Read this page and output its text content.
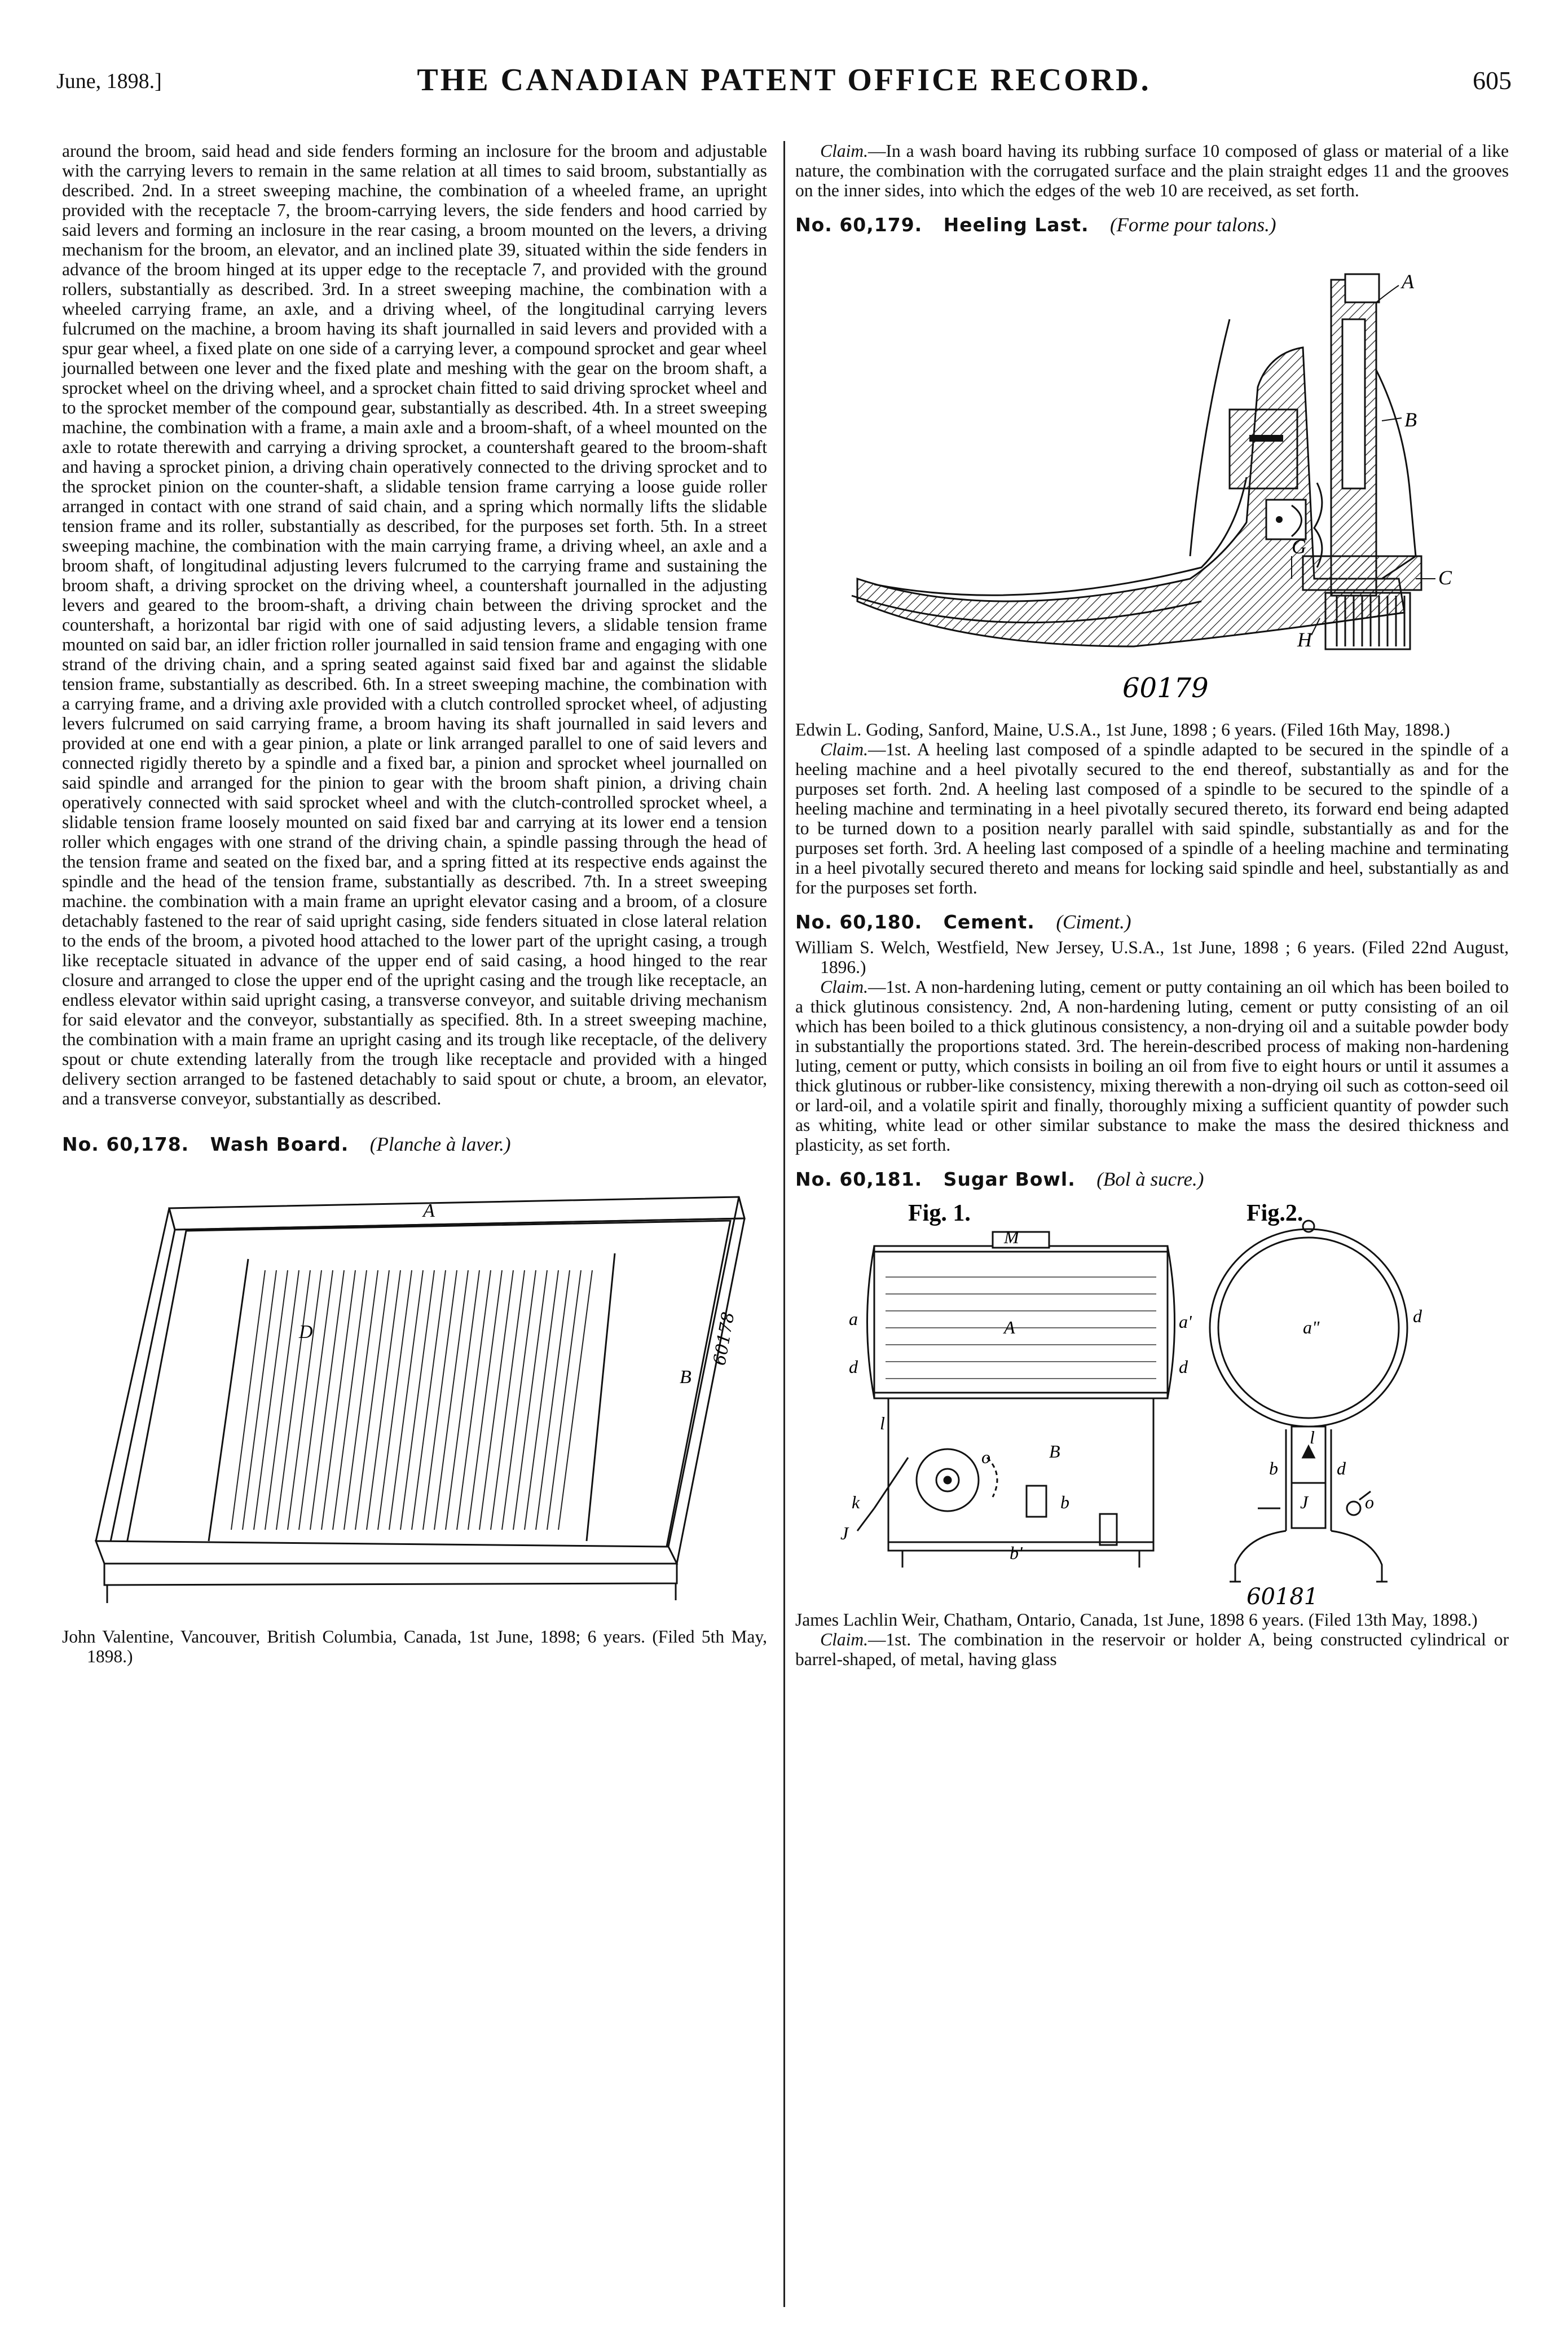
June, 1898.]	THE CANADIAN PATENT OFFICE RECORD.	605

around the broom, said head and side fenders forming an inclosure for the broom and adjustable with the carrying levers to remain in the same relation at all times to said broom, substantially as described. 2nd. In a street sweeping machine, the combination of a wheeled frame, an upright provided with the receptacle 7, the broom-carrying levers, the side fenders and hood carried by said levers and forming an inclosure in the rear casing, a broom mounted on the levers, a driving mechanism for the broom, an elevator, and an inclined plate 39, situated within the side fenders in advance of the broom hinged at its upper edge to the receptacle 7, and provided with the ground rollers, substantially as described. 3rd. In a street sweeping machine, the combination with a wheeled carrying frame, an axle, and a driving wheel, of the longitudinal carrying levers fulcrumed on the machine, a broom having its shaft journalled in said levers and provided with a spur gear wheel, a fixed plate on one side of a carrying lever, a compound sprocket and gear wheel journalled between one lever and the fixed plate and meshing with the gear on the broom shaft, a sprocket wheel on the driving wheel, and a sprocket chain fitted to said driving sprocket wheel and to the sprocket member of the compound gear, substantially as described. 4th. In a street sweeping machine, the combination with a frame, a main axle and a broom-shaft, of a wheel mounted on the axle to rotate therewith and carrying a driving sprocket, a countershaft geared to the broom-shaft and having a sprocket pinion, a driving chain operatively connected to the driving sprocket and to the sprocket pinion on the counter-shaft, a slidable tension frame carrying a loose guide roller arranged in contact with one strand of said chain, and a spring which normally lifts the slidable tension frame and its roller, substantially as described, for the purposes set forth. 5th. In a street sweeping machine, the combination with the main carrying frame, a driving wheel, an axle and a broom shaft, of longitudinal adjusting levers fulcrumed to the carrying frame and sustaining the broom shaft, a driving sprocket on the driving wheel, a countershaft journalled in the adjusting levers and geared to the broom-shaft, a driving chain between the driving sprocket and the countershaft, a horizontal bar rigid with one of said adjusting levers, a slidable tension frame mounted on said bar, an idler friction roller journalled in said tension frame and engaging with one strand of the driving chain, and a spring seated against said fixed bar and against the slidable tension frame, substantially as described. 6th. In a street sweeping machine, the combination with a carrying frame, and a driving axle provided with a clutch controlled sprocket wheel, of adjusting levers fulcrumed on said carrying frame, a broom having its shaft journalled in said levers and provided at one end with a gear pinion, a plate or link arranged parallel to one of said levers and connected rigidly thereto by a spindle and a fixed bar, a pinion and sprocket wheel journalled on said spindle and arranged for the pinion to gear with the broom shaft pinion, a driving chain operatively connected with said sprocket wheel and with the clutch-controlled sprocket wheel, a slidable tension frame loosely mounted on said fixed bar and carrying at its lower end a tension roller which engages with one strand of the driving chain, a spindle passing through the head of the tension frame and seated on the fixed bar, and a spring fitted at its respective ends against the spindle and the head of the tension frame, substantially as described. 7th. In a street sweeping machine. the combination with a main frame an upright elevator casing and a broom, of a closure detachably fastened to the rear of said upright casing, side fenders situated in close lateral relation to the ends of the broom, a pivoted hood attached to the lower part of the upright casing, a trough like receptacle situated in advance of the upper end of said casing, a hood hinged to the rear closure and arranged to close the upper end of the upright casing and the trough like receptacle, an endless elevator within said upright casing, a transverse conveyor, and suitable driving mechanism for said elevator and the conveyor, substantially as specified. 8th. In a street sweeping machine, the combination with a main frame an upright casing and its trough like receptacle, of the delivery spout or chute extending laterally from the trough like receptacle and provided with a hinged delivery section arranged to be fastened detachably to said spout or chute, a broom, an elevator, and a transverse conveyor, substantially as described.

No. 60,178. Wash Board. (Planche à laver.)

D
A
B
60178

John Valentine, Vancouver, British Columbia, Canada, 1st June, 1898; 6 years. (Filed 5th May, 1898.)

Claim.—In a wash board having its rubbing surface 10 composed of glass or material of a like nature, the combination with the corrugated surface and the plain straight edges 11 and the grooves on the inner sides, into which the edges of the web 10 are received, as set forth.

No. 60,179. Heeling Last. (Forme pour talons.)

A
B
C
G
H
60179

Edwin L. Goding, Sanford, Maine, U.S.A., 1st June, 1898 ; 6 years. (Filed 16th May, 1898.)

Claim.—1st. A heeling last composed of a spindle adapted to be secured in the spindle of a heeling machine and a heel pivotally secured to the end thereof, substantially as and for the purposes set forth. 2nd. A heeling last composed of a spindle to be secured to the spindle of a heeling machine and terminating in a heel pivotally secured thereto, its forward end being adapted to be turned down to a position nearly parallel with said spindle, substantially as and for the purposes set forth. 3rd. A heeling last composed of a spindle of a heeling machine and terminating in a heel pivotally secured thereto and means for locking said spindle and heel, substantially as and for the purposes set forth.

No. 60,180. Cement. (Ciment.)

William S. Welch, Westfield, New Jersey, U.S.A., 1st June, 1898 ; 6 years. (Filed 22nd August, 1896.)

Claim.—1st. A non-hardening luting, cement or putty containing an oil which has been boiled to a thick glutinous consistency. 2nd, A non-hardening luting, cement or putty consisting of an oil which has been boiled to a thick glutinous consistency, a non-drying oil and a suitable powder body in substantially the proportions stated. 3rd. The herein-described process of making non-hardening luting, cement or putty, which consists in boiling an oil from five to eight hours or until it assumes a thick glutinous or rubber-like consistency, mixing therewith a non-drying oil such as cotton-seed oil or lard-oil, and a volatile spirit and finally, thoroughly mixing a sufficient quantity of powder such as whiting, white lead or other similar substance to make the mass the desired thickness and plasticity, as set forth.

No. 60,181. Sugar Bowl. (Bol à sucre.)

Fig. 1.	Fig.2.
M
A
a
d
a'
d
B
l
k
J
o
b
b'
a"
d
l
b	d
J	o
60181

James Lachlin Weir, Chatham, Ontario, Canada, 1st June, 1898 6 years. (Filed 13th May, 1898.)

Claim.—1st. The combination in the reservoir or holder A, being constructed cylindrical or barrel-shaped, of metal, having glass
